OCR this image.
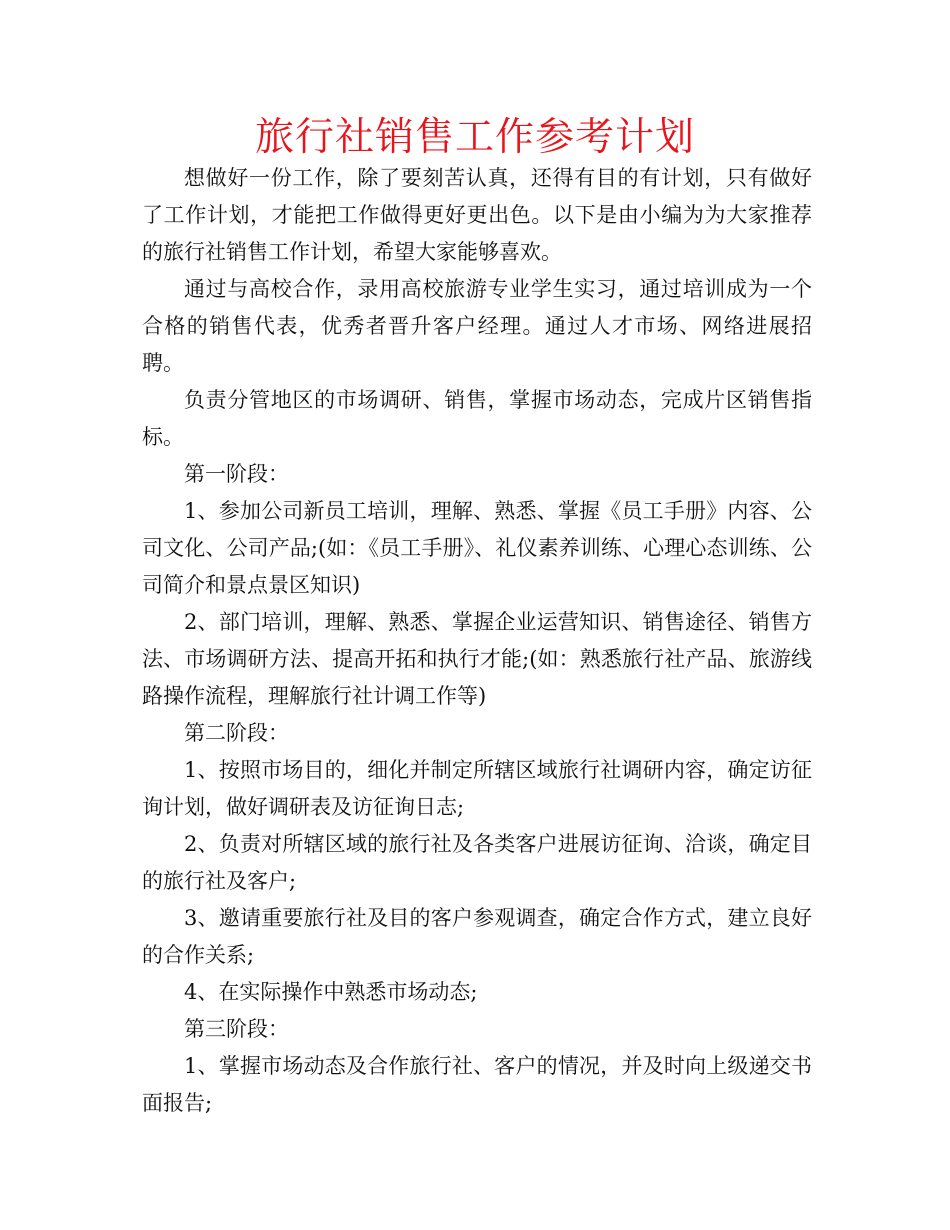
旅行社销售工作参考计划

想做好一份工作，除了要刻苦认真，还得有目的有计划，只有做好了工作计划，才能把工作做得更好更出色。以下是由小编为为大家推荐的旅行社销售工作计划，希望大家能够喜欢。

通过与高校合作，录用高校旅游专业学生实习，通过培训成为一个合格的销售代表，优秀者晋升客户经理。通过人才市场、网络进展招聘。

负责分管地区的市场调研、销售，掌握市场动态，完成片区销售指标。

第一阶段：

1、参加公司新员工培训，理解、熟悉、掌握《员工手册》内容、公司文化、公司产品;(如：《员工手册》、礼仪素养训练、心理心态训练、公司简介和景点景区知识)

2、部门培训，理解、熟悉、掌握企业运营知识、销售途径、销售方法、市场调研方法、提高开拓和执行才能;(如：熟悉旅行社产品、旅游线路操作流程，理解旅行社计调工作等)

第二阶段：

1、按照市场目的，细化并制定所辖区域旅行社调研内容，确定访征询计划，做好调研表及访征询日志;

2、负责对所辖区域的旅行社及各类客户进展访征询、洽谈，确定目的旅行社及客户;

3、邀请重要旅行社及目的客户参观调查，确定合作方式，建立良好的合作关系;

4、在实际操作中熟悉市场动态;

第三阶段：

1、掌握市场动态及合作旅行社、客户的情况，并及时向上级递交书面报告;
